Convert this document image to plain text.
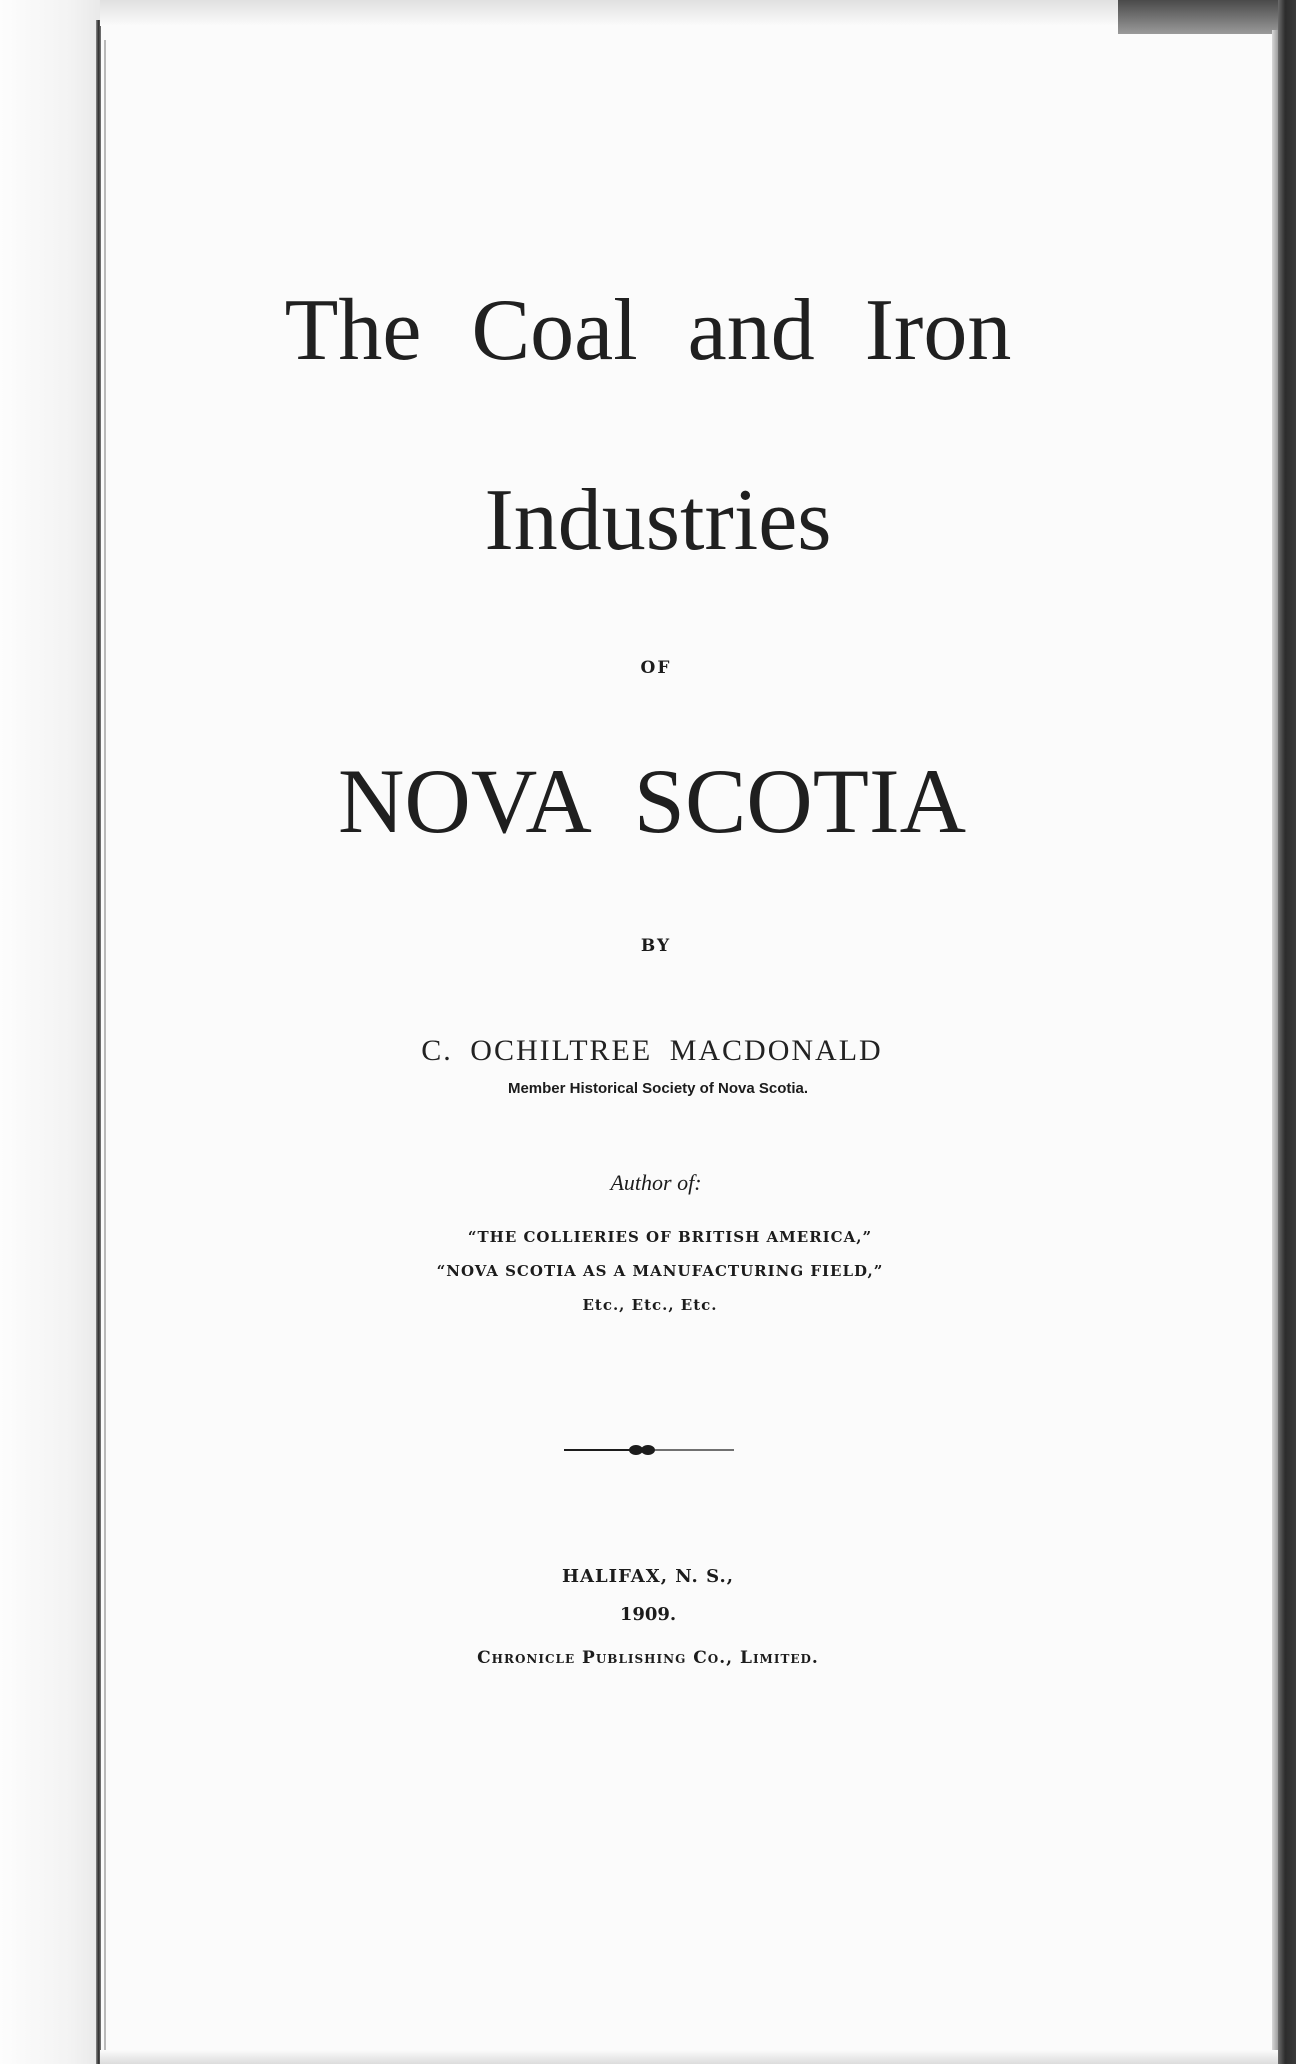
The Coal and Iron
Industries
OF
NOVA SCOTIA
BY
C. OCHILTREE MACDONALD
Member Historical Society of Nova Scotia.
Author of:
“THE COLLIERIES OF BRITISH AMERICA,”
“NOVA SCOTIA AS A MANUFACTURING FIELD,”
Etc., Etc., Etc.
HALIFAX, N. S.,
1909.
Chronicle Publishing Co., Limited.
